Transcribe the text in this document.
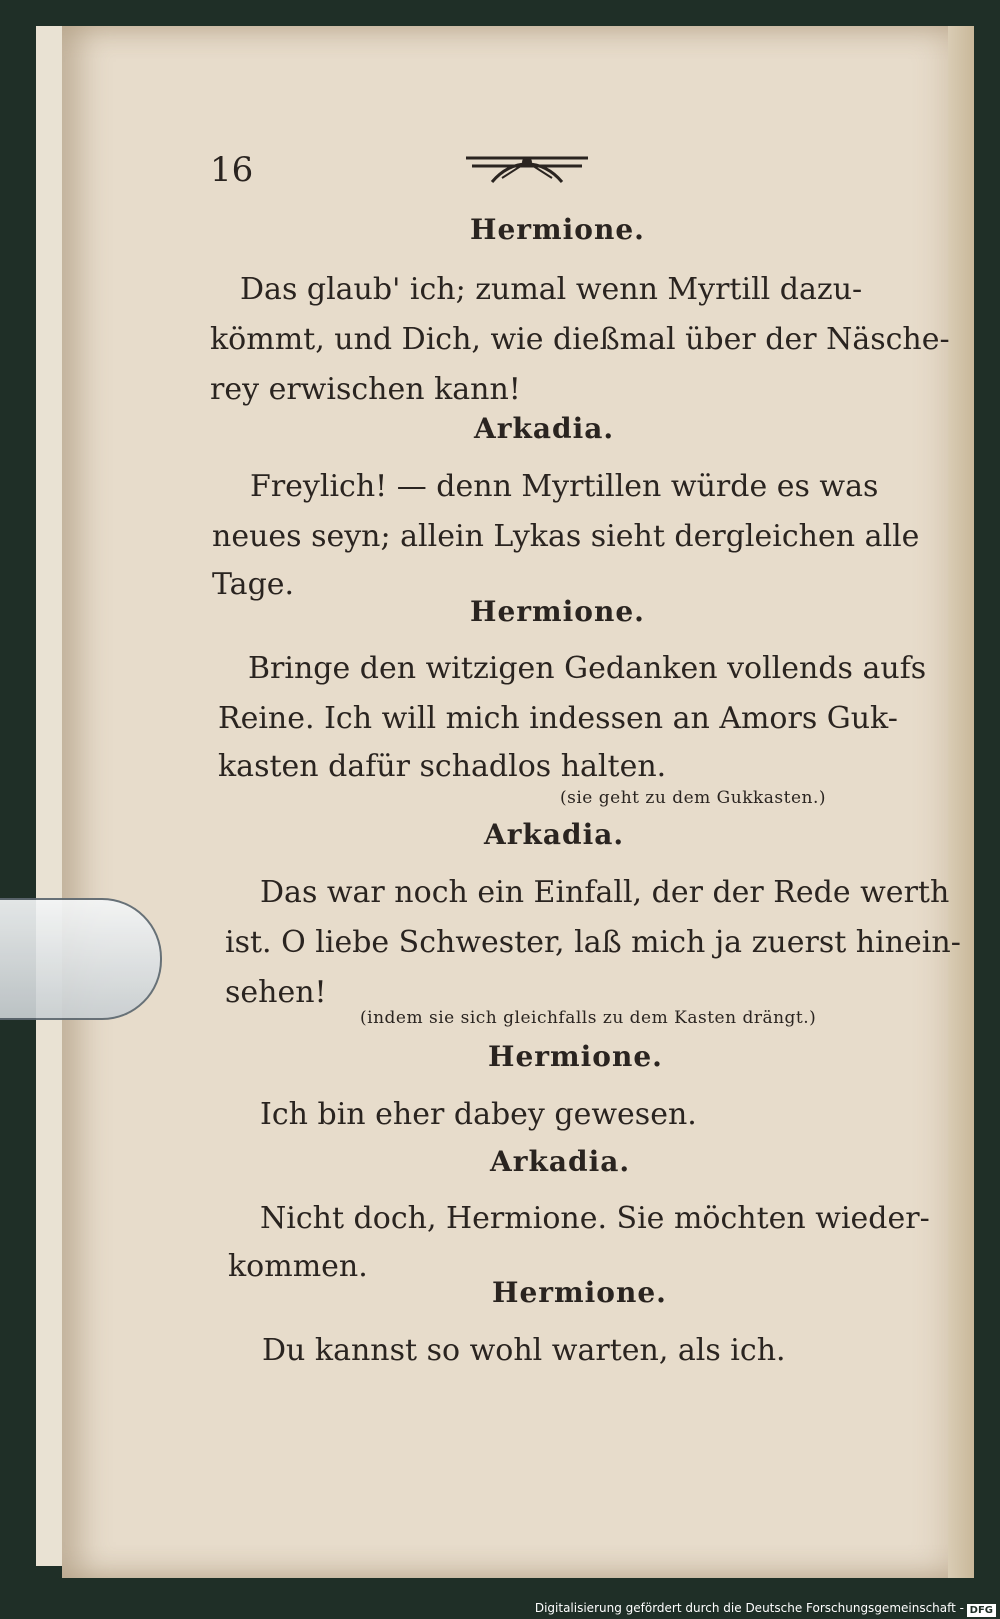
16
Hermione.
Arkadia.
Hermione.
Arkadia.
Hermione.
Arkadia.
Hermione.
Das glaub' ich; zumal wenn Myrtill dazu-
kömmt, und Dich, wie dießmal über der Näsche-
rey erwischen kann!
Freylich! — denn Myrtillen würde es was
neues seyn; allein Lykas sieht dergleichen alle
Tage.
Bringe den witzigen Gedanken vollends aufs
Reine. Ich will mich indessen an Amors Guk-
kasten dafür schadlos halten.
Das war noch ein Einfall, der der Rede werth
ist. O liebe Schwester, laß mich ja zuerst hinein-
sehen!
Ich bin eher dabey gewesen.
Nicht doch, Hermione. Sie möchten wieder-
kommen.
Du kannst so wohl warten, als ich.
(sie geht zu dem Gukkasten.)
(indem sie sich gleichfalls zu dem Kasten drängt.)
Digitalisierung gefördert durch die Deutsche Forschungsgemeinschaft - DFG
